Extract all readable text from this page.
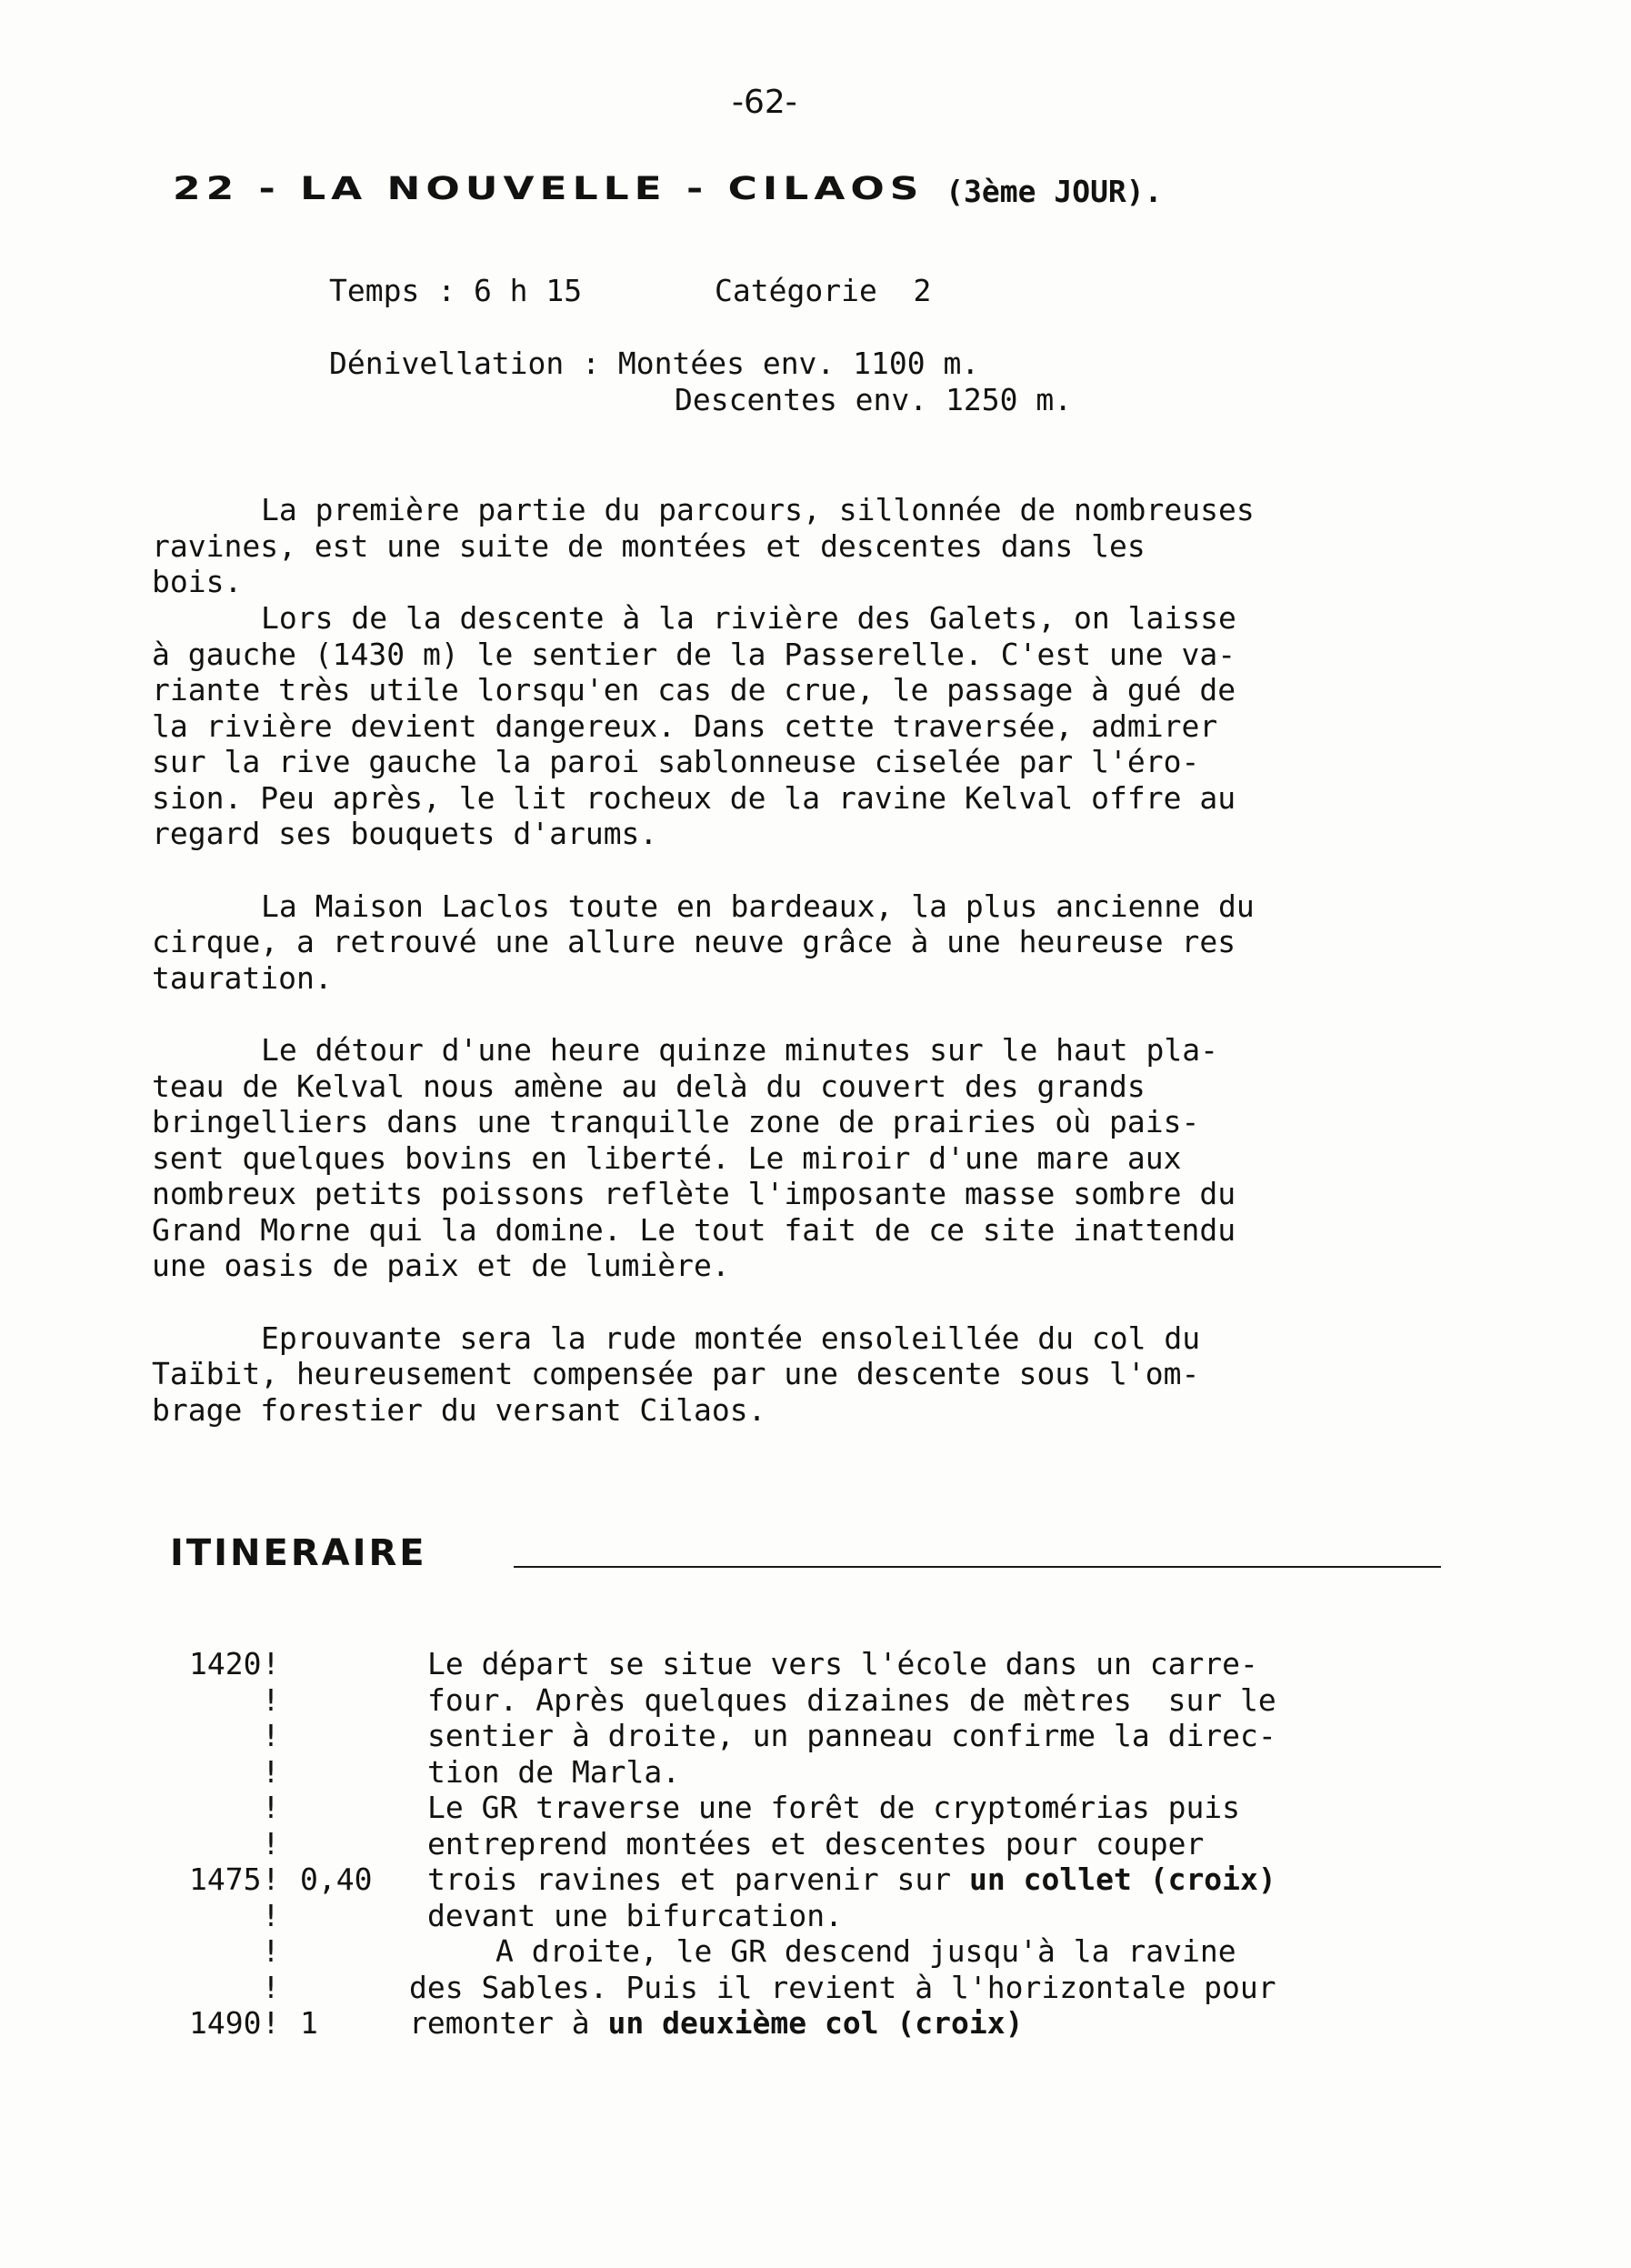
-62-
22 - LA NOUVELLE - CILAOS (3ème JOUR).
Temps : 6 h 15	Catégorie  2
Dénivellation : Montées env. 1100 m.
Descentes env. 1250 m.
La première partie du parcours, sillonnée de nombreuses
ravines, est une suite de montées et descentes dans les
bois.
Lors de la descente à la rivière des Galets, on laisse
à gauche (1430 m) le sentier de la Passerelle. C'est une va-
riante très utile lorsqu'en cas de crue, le passage à gué de
la rivière devient dangereux. Dans cette traversée, admirer
sur la rive gauche la paroi sablonneuse ciselée par l'éro-
sion. Peu après, le lit rocheux de la ravine Kelval offre au
regard ses bouquets d'arums.
La Maison Laclos toute en bardeaux, la plus ancienne du
cirque, a retrouvé une allure neuve grâce à une heureuse res
tauration.
Le détour d'une heure quinze minutes sur le haut pla-
teau de Kelval nous amène au delà du couvert des grands
bringelliers dans une tranquille zone de prairies où pais-
sent quelques bovins en liberté. Le miroir d'une mare aux
nombreux petits poissons reflète l'imposante masse sombre du
Grand Morne qui la domine. Le tout fait de ce site inattendu
une oasis de paix et de lumière.
Eprouvante sera la rude montée ensoleillée du col du
Taïbit, heureusement compensée par une descente sous l'om-
brage forestier du versant Cilaos.
ITINERAIRE
1420 !	Le départ se situe vers l'école dans un carre-
!	four. Après quelques dizaines de mètres  sur le
!	sentier à droite, un panneau confirme la direc-
!	tion de Marla.
!	Le GR traverse une forêt de cryptomérias puis
!	entreprend montées et descentes pour couper
1475 ! 0,40 trois ravines et parvenir sur un collet (croix)
!	devant une bifurcation.
!	A droite, le GR descend jusqu'à la ravine
!	des Sables. Puis il revient à l'horizontale pour
1490 ! 1	remonter à un deuxième col (croix)
